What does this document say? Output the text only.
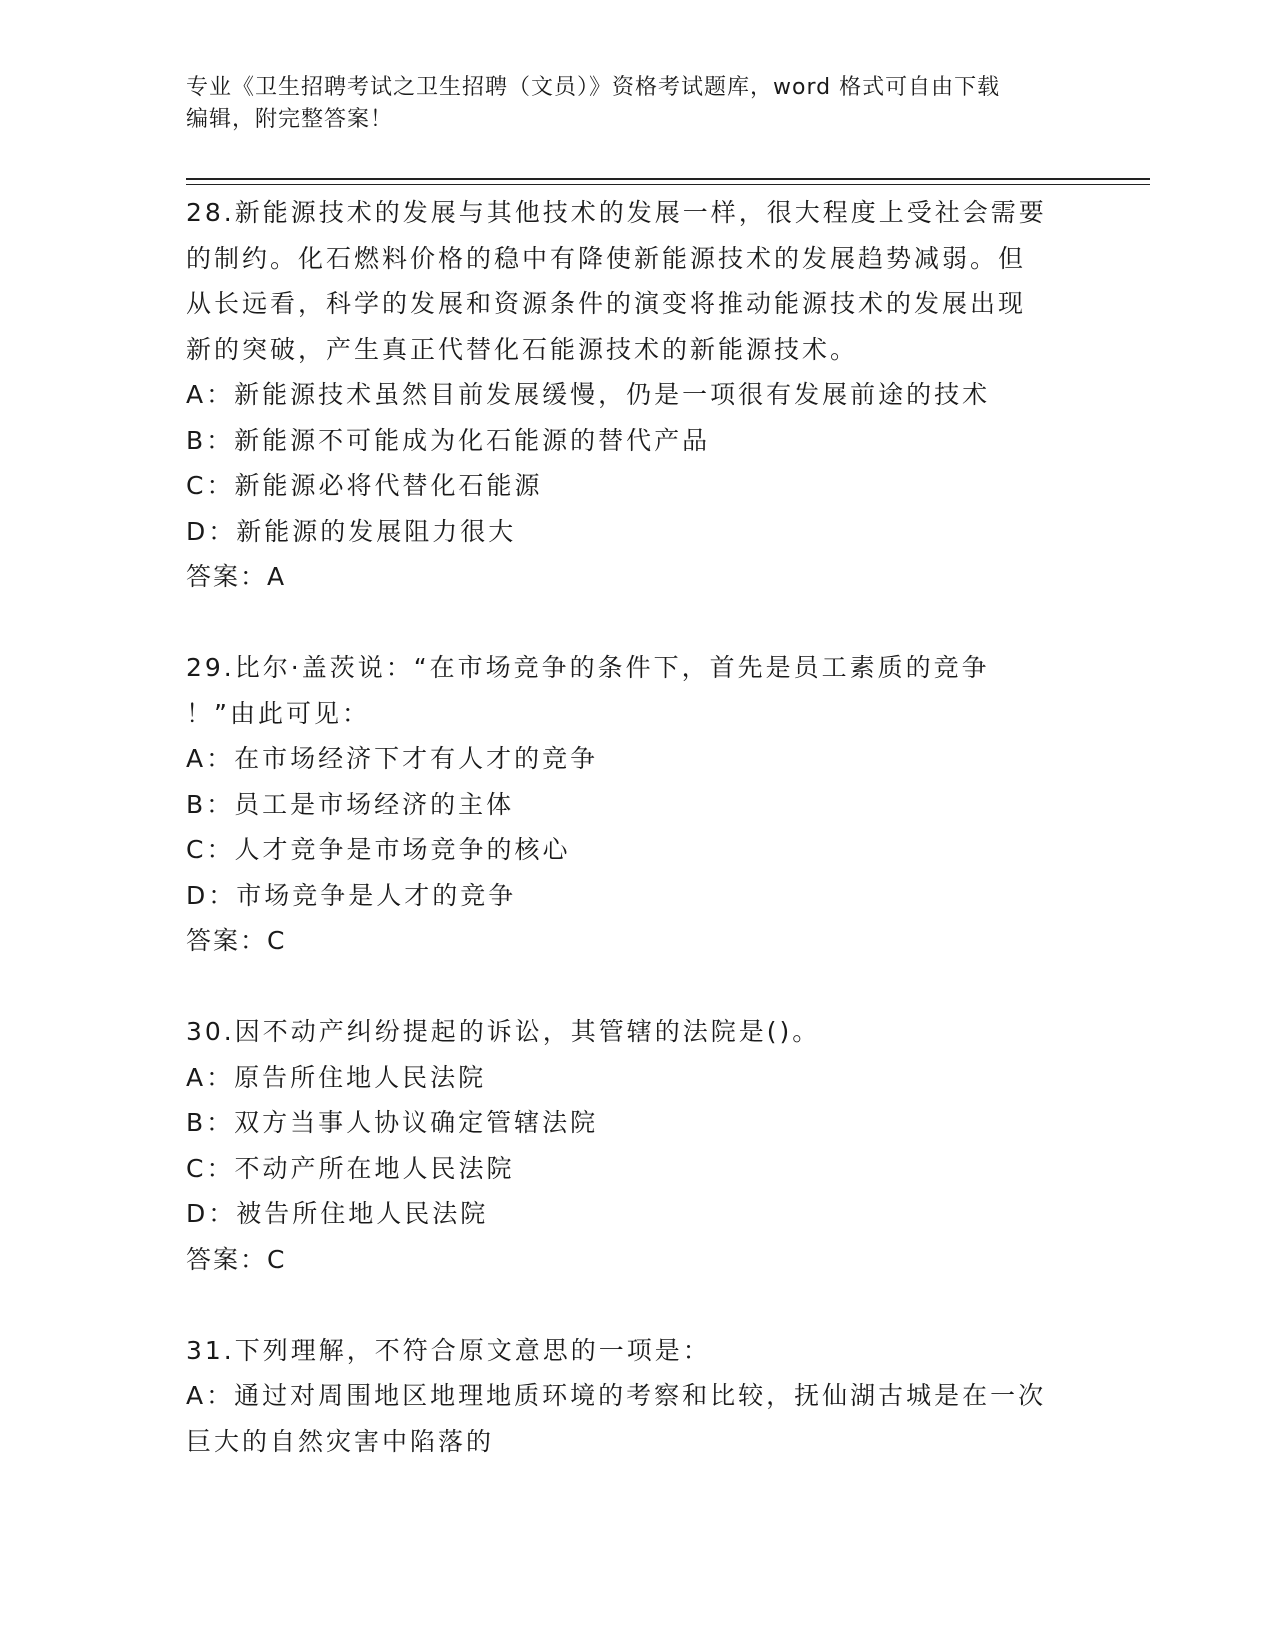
专业《卫生招聘考试之卫生招聘（文员）》资格考试题库，word 格式可自由下载
编辑，附完整答案！
28.新能源技术的发展与其他技术的发展一样，很大程度上受社会需要
的制约。化石燃料价格的稳中有降使新能源技术的发展趋势减弱。但
从长远看，科学的发展和资源条件的演变将推动能源技术的发展出现
新的突破，产生真正代替化石能源技术的新能源技术。
A：新能源技术虽然目前发展缓慢，仍是一项很有发展前途的技术
B：新能源不可能成为化石能源的替代产品
C：新能源必将代替化石能源
D：新能源的发展阻力很大
答案：A
29.比尔·盖茨说：“在市场竞争的条件下，首先是员工素质的竞争
！”由此可见：
A：在市场经济下才有人才的竞争
B：员工是市场经济的主体
C：人才竞争是市场竞争的核心
D：市场竞争是人才的竞争
答案：C
30.因不动产纠纷提起的诉讼，其管辖的法院是()。
A：原告所住地人民法院
B：双方当事人协议确定管辖法院
C：不动产所在地人民法院
D：被告所住地人民法院
答案：C
31.下列理解，不符合原文意思的一项是：
A：通过对周围地区地理地质环境的考察和比较，抚仙湖古城是在一次
巨大的自然灾害中陷落的
